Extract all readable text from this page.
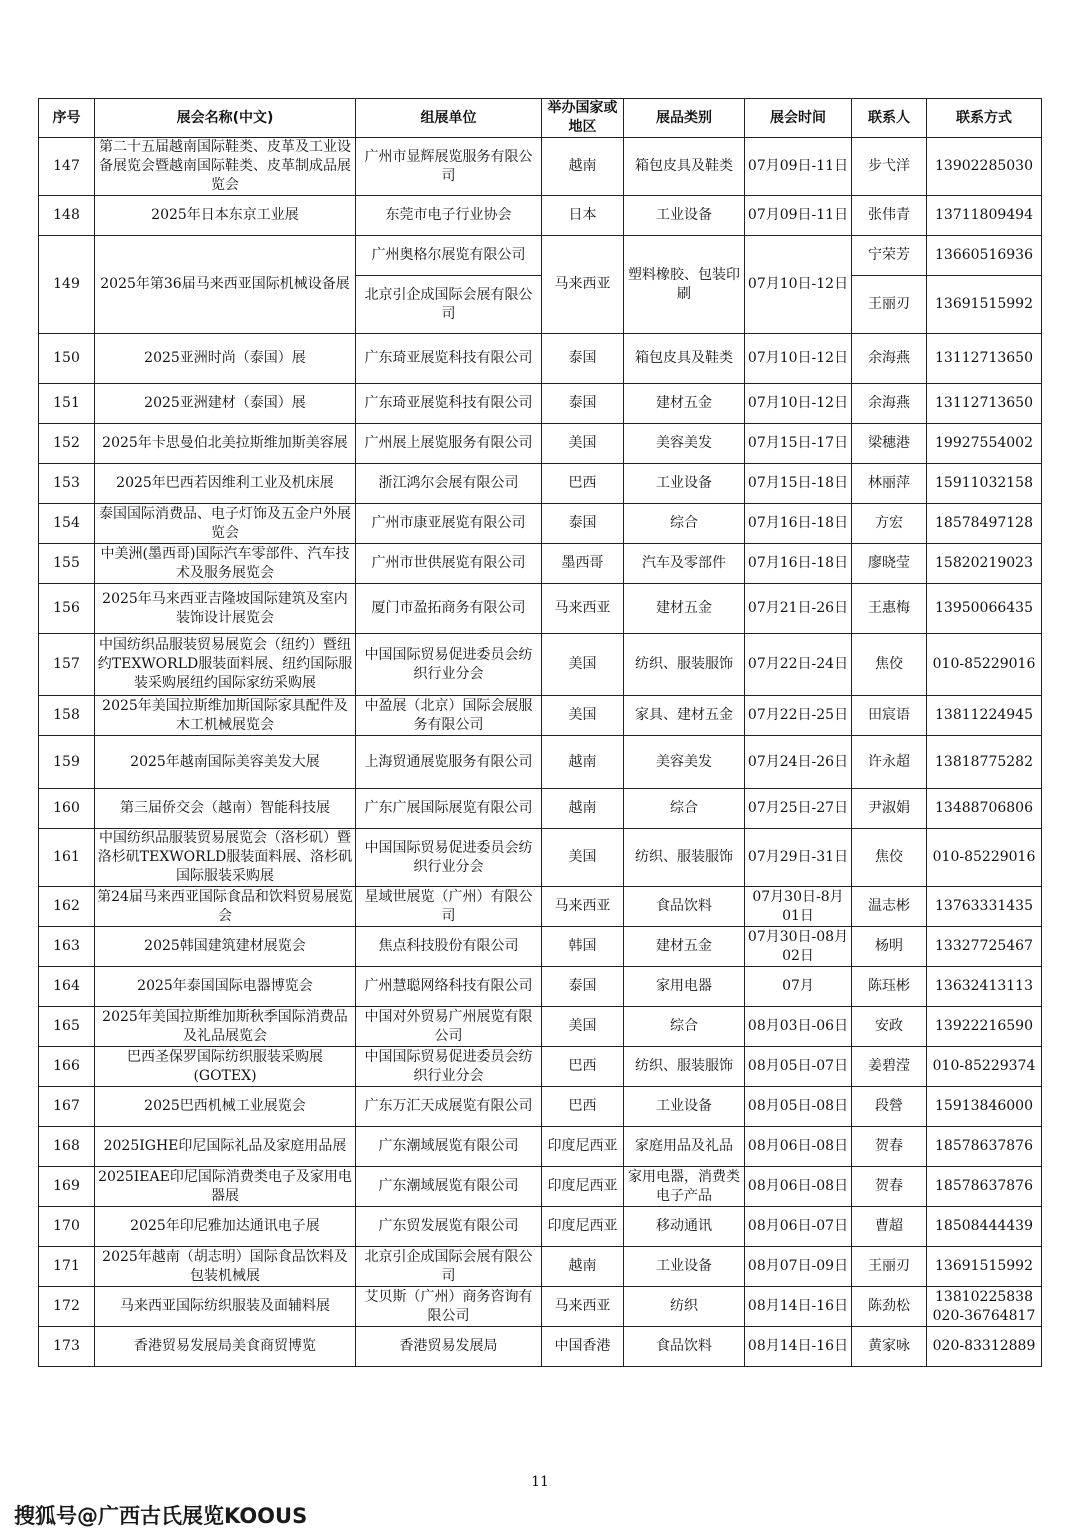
序号	展会名称(中文)	组展单位	举办国家或地区	展品类别	展会时间	联系人	联系方式
147	第二十五届越南国际鞋类、皮革及工业设备展览会暨越南国际鞋类、皮革制成品展览会	广州市显辉展览服务有限公司	越南	箱包皮具及鞋类	07月09日-11日	步弋洋	13902285030
148	2025年日本东京工业展	东莞市电子行业协会	日本	工业设备	07月09日-11日	张伟青	13711809494
149	2025年第36届马来西亚国际机械设备展	广州奥格尔展览有限公司	马来西亚	塑料橡胶、包装印刷	07月10日-12日	宁荣芳	13660516936
		北京引企成国际会展有限公司				王丽刃	13691515992
150	2025亚洲时尚（泰国）展	广东琦亚展览科技有限公司	泰国	箱包皮具及鞋类	07月10日-12日	余海燕	13112713650
151	2025亚洲建材（泰国）展	广东琦亚展览科技有限公司	泰国	建材五金	07月10日-12日	余海燕	13112713650
152	2025年卡思曼伯北美拉斯维加斯美容展	广州展上展览服务有限公司	美国	美容美发	07月15日-17日	梁穗港	19927554002
153	2025年巴西若因维利工业及机床展	浙江鸿尔会展有限公司	巴西	工业设备	07月15日-18日	林丽萍	15911032158
154	泰国国际消费品、电子灯饰及五金户外展览会	广州市康亚展览有限公司	泰国	综合	07月16日-18日	方宏	18578497128
155	中美洲(墨西哥)国际汽车零部件、汽车技术及服务展览会	广州市世供展览有限公司	墨西哥	汽车及零部件	07月16日-18日	廖晓莹	15820219023
156	2025年马来西亚吉隆坡国际建筑及室内装饰设计展览会	厦门市盈拓商务有限公司	马来西亚	建材五金	07月21日-26日	王惠梅	13950066435
157	中国纺织品服装贸易展览会（纽约）暨纽约TEXWORLD服装面料展、纽约国际服装采购展纽约国际家纺采购展	中国国际贸易促进委员会纺织行业分会	美国	纺织、服装服饰	07月22日-24日	焦佼	010-85229016
158	2025年美国拉斯维加斯国际家具配件及木工机械展览会	中盈展（北京）国际会展服务有限公司	美国	家具、建材五金	07月22日-25日	田宸语	13811224945
159	2025年越南国际美容美发大展	上海贸通展览服务有限公司	越南	美容美发	07月24日-26日	许永超	13818775282
160	第三届侨交会（越南）智能科技展	广东广展国际展览有限公司	越南	综合	07月25日-27日	尹淑娟	13488706806
161	中国纺织品服装贸易展览会（洛杉矶）暨洛杉矶TEXWORLD服装面料展、洛杉矶国际服装采购展	中国国际贸易促进委员会纺织行业分会	美国	纺织、服装服饰	07月29日-31日	焦佼	010-85229016
162	第24届马来西亚国际食品和饮料贸易展览会	星域世展览（广州）有限公司	马来西亚	食品饮料	07月30日-8月01日	温志彬	13763331435
163	2025韩国建筑建材展览会	焦点科技股份有限公司	韩国	建材五金	07月30日-08月02日	杨明	13327725467
164	2025年泰国国际电器博览会	广州慧聪网络科技有限公司	泰国	家用电器	07月	陈珏彬	13632413113
165	2025年美国拉斯维加斯秋季国际消费品及礼品展览会	中国对外贸易广州展览有限公司	美国	综合	08月03日-06日	安政	13922216590
166	巴西圣保罗国际纺织服装采购展(GOTEX)	中国国际贸易促进委员会纺织行业分会	巴西	纺织、服装服饰	08月05日-07日	姜碧滢	010-85229374
167	2025巴西机械工业展览会	广东万汇天成展览有限公司	巴西	工业设备	08月05日-08日	段營	15913846000
168	2025IGHE印尼国际礼品及家庭用品展	广东潮域展览有限公司	印度尼西亚	家庭用品及礼品	08月06日-08日	贺春	18578637876
169	2025IEAE印尼国际消费类电子及家用电器展	广东潮域展览有限公司	印度尼西亚	家用电器，消费类电子产品	08月06日-08日	贺春	18578637876
170	2025年印尼雅加达通讯电子展	广东贸发展览有限公司	印度尼西亚	移动通讯	08月06日-07日	曹超	18508444439
171	2025年越南（胡志明）国际食品饮料及包装机械展	北京引企成国际会展有限公司	越南	工业设备	08月07日-09日	王丽刃	13691515992
172	马来西亚国际纺织服装及面辅料展	艾贝斯（广州）商务咨询有限公司	马来西亚	纺织	08月14日-16日	陈劲松	13810225838
020-36764817
173	香港贸易发展局美食商贸博览	香港贸易发展局	中国香港	食品饮料	08月14日-16日	黄家咏	020-83312889
11
搜狐号@广西古氏展览KOOUS
